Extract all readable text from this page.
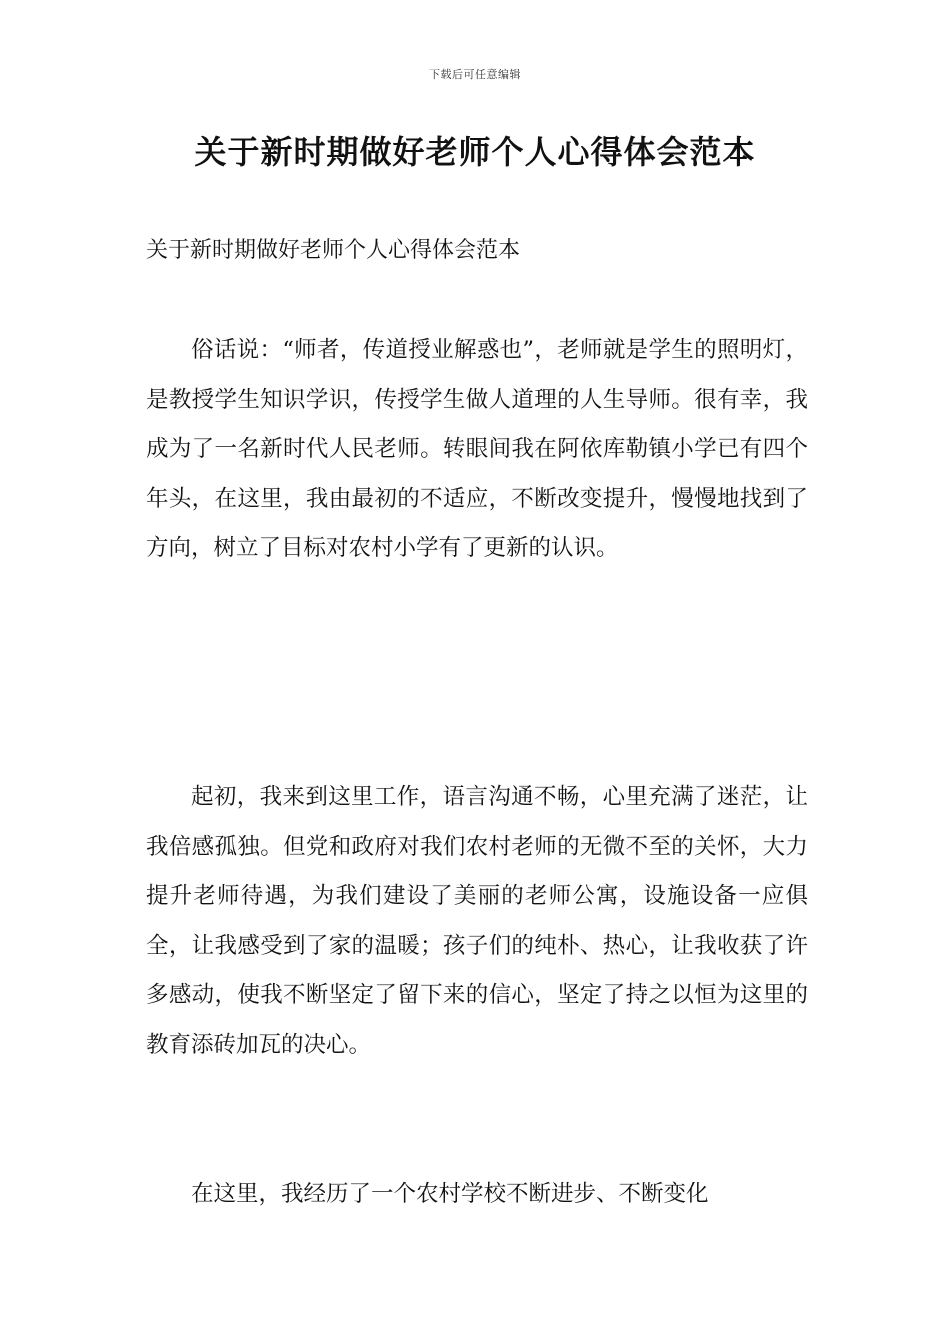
下载后可任意编辑
关于新时期做好老师个人心得体会范本

关于新时期做好老师个人心得体会范本

俗话说：“师者，传道授业解惑也”，老师就是学生的照明灯，是教授学生知识学识，传授学生做人道理的人生导师。很有幸，我成为了一名新时代人民老师。转眼间我在阿依库勒镇小学已有四个年头，在这里，我由最初的不适应，不断改变提升，慢慢地找到了方向，树立了目标对农村小学有了更新的认识。

起初，我来到这里工作，语言沟通不畅，心里充满了迷茫，让我倍感孤独。但党和政府对我们农村老师的无微不至的关怀，大力提升老师待遇，为我们建设了美丽的老师公寓，设施设备一应俱全，让我感受到了家的温暖；孩子们的纯朴、热心，让我收获了许多感动，使我不断坚定了留下来的信心，坚定了持之以恒为这里的教育添砖加瓦的决心。

在这里，我经历了一个农村学校不断进步、不断变化
